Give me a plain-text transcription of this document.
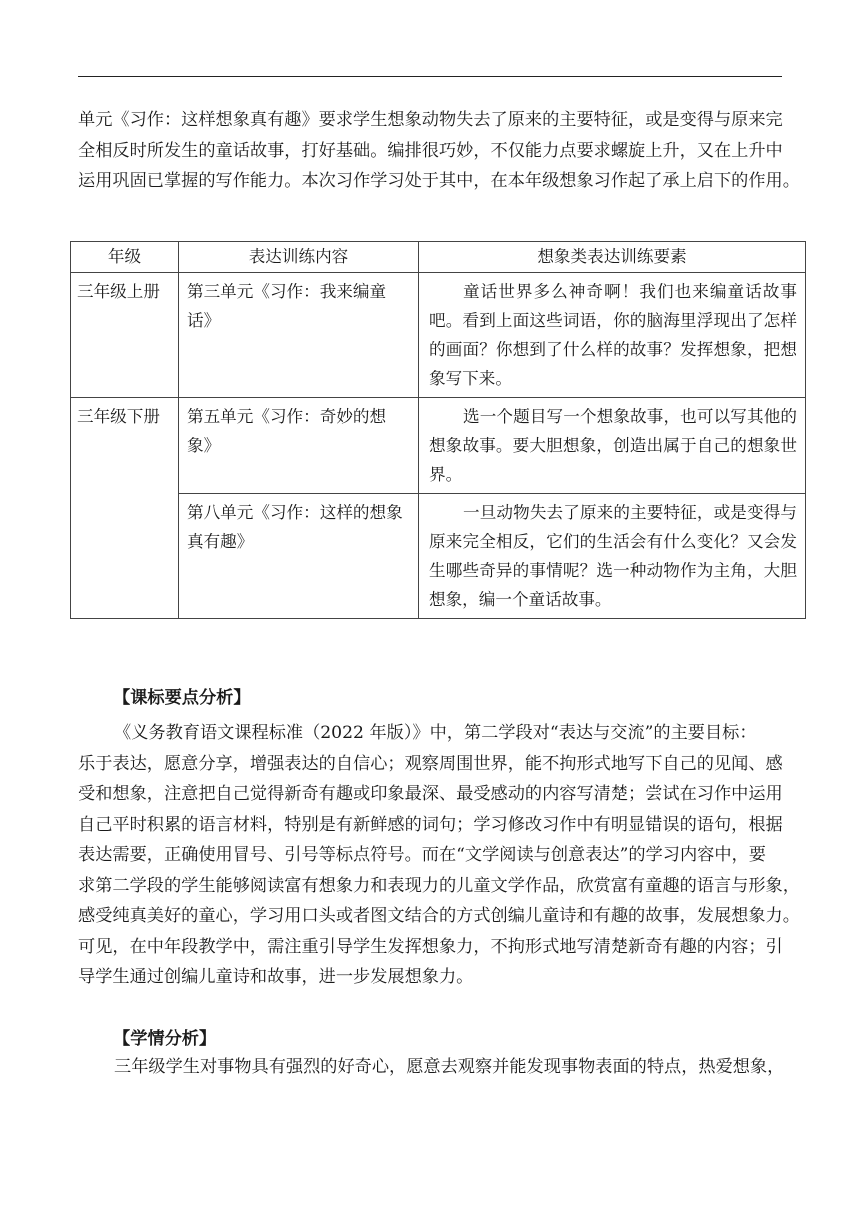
单元《习作：这样想象真有趣》要求学生想象动物失去了原来的主要特征，或是变得与原来完
全相反时所发生的童话故事，打好基础。编排很巧妙，不仅能力点要求螺旋上升，又在上升中
运用巩固已掌握的写作能力。本次习作学习处于其中，在本年级想象习作起了承上启下的作用。
年级	表达训练内容	想象类表达训练要素
三年级上册	第三单元《习作：我来编童话》	童话世界多么神奇啊！我们也来编童话故事吧。看到上面这些词语，你的脑海里浮现出了怎样的画面？你想到了什么样的故事？发挥想象，把想象写下来。

三年级下册	第五单元《习作：奇妙的想象》	选一个题目写一个想象故事，也可以写其他的想象故事。要大胆想象，创造出属于自己的想象世界。

	第八单元《习作：这样的想象真有趣》	一旦动物失去了原来的主要特征，或是变得与原来完全相反，它们的生活会有什么变化？又会发生哪些奇异的事情呢？选一种动物作为主角，大胆想象，编一个童话故事。
【课标要点分析】
《义务教育语文课程标准（2022 年版）》中，第二学段对“表达与交流”的主要目标：
乐于表达，愿意分享，增强表达的自信心；观察周围世界，能不拘形式地写下自己的见闻、感
受和想象，注意把自己觉得新奇有趣或印象最深、最受感动的内容写清楚；尝试在习作中运用
自己平时积累的语言材料，特别是有新鲜感的词句；学习修改习作中有明显错误的语句，根据
表达需要，正确使用冒号、引号等标点符号。而在“文学阅读与创意表达”的学习内容中，要
求第二学段的学生能够阅读富有想象力和表现力的儿童文学作品，欣赏富有童趣的语言与形象，
感受纯真美好的童心，学习用口头或者图文结合的方式创编儿童诗和有趣的故事，发展想象力。
可见，在中年段教学中，需注重引导学生发挥想象力，不拘形式地写清楚新奇有趣的内容；引
导学生通过创编儿童诗和故事，进一步发展想象力。
【学情分析】
三年级学生对事物具有强烈的好奇心，愿意去观察并能发现事物表面的特点，热爱想象，
